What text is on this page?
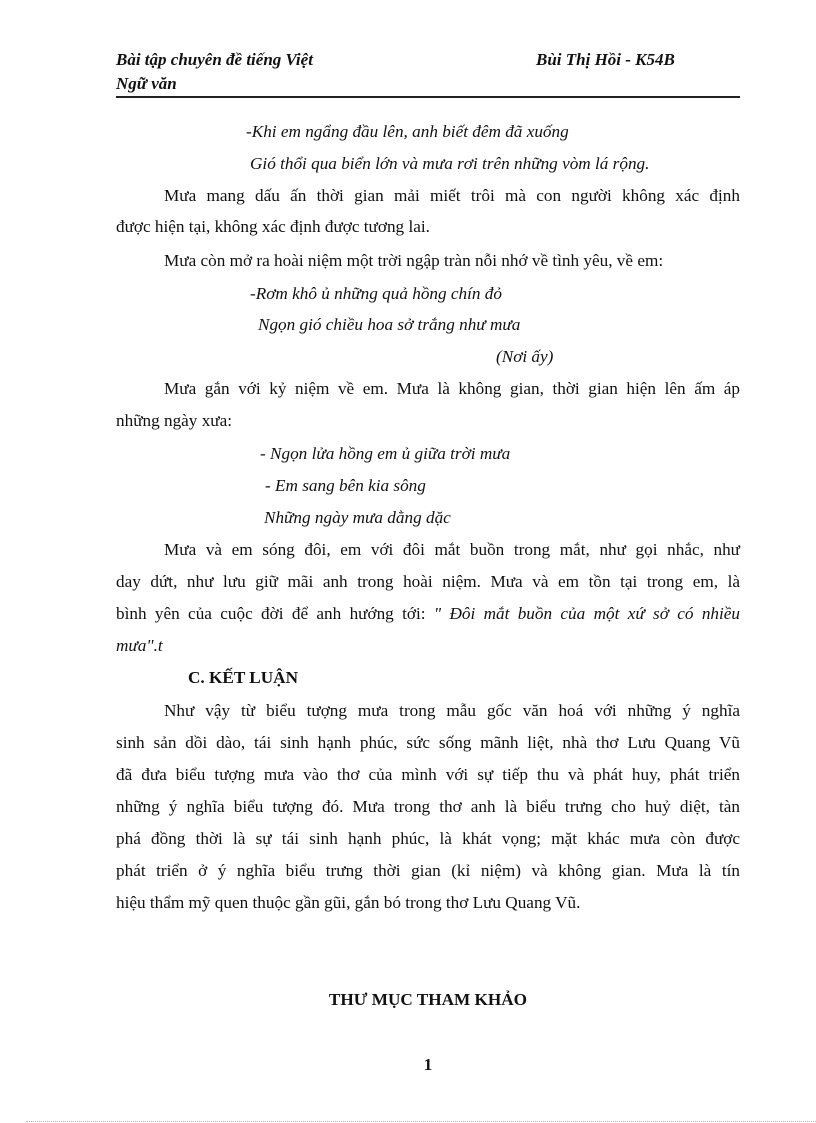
Bài tập chuyên đề tiếng Việt	Bùi Thị Hồi - K54B
Ngữ văn
-Khi em ngẩng đầu lên, anh biết đêm đã xuống
Gió thổi qua biển lớn và mưa rơi trên những vòm lá rộng.
Mưa mang dấu ấn thời gian mải miết trôi mà con người không xác định
được hiện tại, không xác định được tương lai.
Mưa còn mở ra hoài niệm một trời ngập tràn nỗi nhớ về tình yêu, về em:
-Rơm khô ủ những quả hồng chín đỏ
Ngọn gió chiều hoa sở trắng như mưa
(Nơi ấy)
Mưa gắn với kỷ niệm về em. Mưa là không gian, thời gian hiện lên ấm áp
những ngày xưa:
- Ngọn lửa hồng em ủ giữa trời mưa
- Em sang bên kia sông
Những ngày mưa dằng dặc
Mưa và em sóng đôi, em với đôi mắt buồn trong mắt, như gọi nhắc, như
day dứt, như lưu giữ mãi anh trong hoài niệm. Mưa và em tồn tại trong em, là
bình yên của cuộc đời để anh hướng tới: " Đôi mắt buồn của một xứ sở có nhiều
mưa".t
C. KẾT LUẬN
Như vậy từ biểu tượng mưa trong mẫu gốc văn hoá với những ý nghĩa
sinh sản dồi dào, tái sinh hạnh phúc, sức sống mãnh liệt, nhà thơ Lưu Quang Vũ
đã đưa biểu tượng mưa vào thơ của mình với sự tiếp thu và phát huy, phát triển
những ý nghĩa biểu tượng đó. Mưa trong thơ anh là biểu trưng cho huỷ diệt, tàn
phá đồng thời là sự tái sinh hạnh phúc, là khát vọng; mặt khác mưa còn được
phát triển ở ý nghĩa biểu trưng thời gian (kỉ niệm) và không gian. Mưa là tín
hiệu thẩm mỹ quen thuộc gần gũi, gắn bó trong thơ Lưu Quang Vũ.
THƯ MỤC THAM KHẢO
1
